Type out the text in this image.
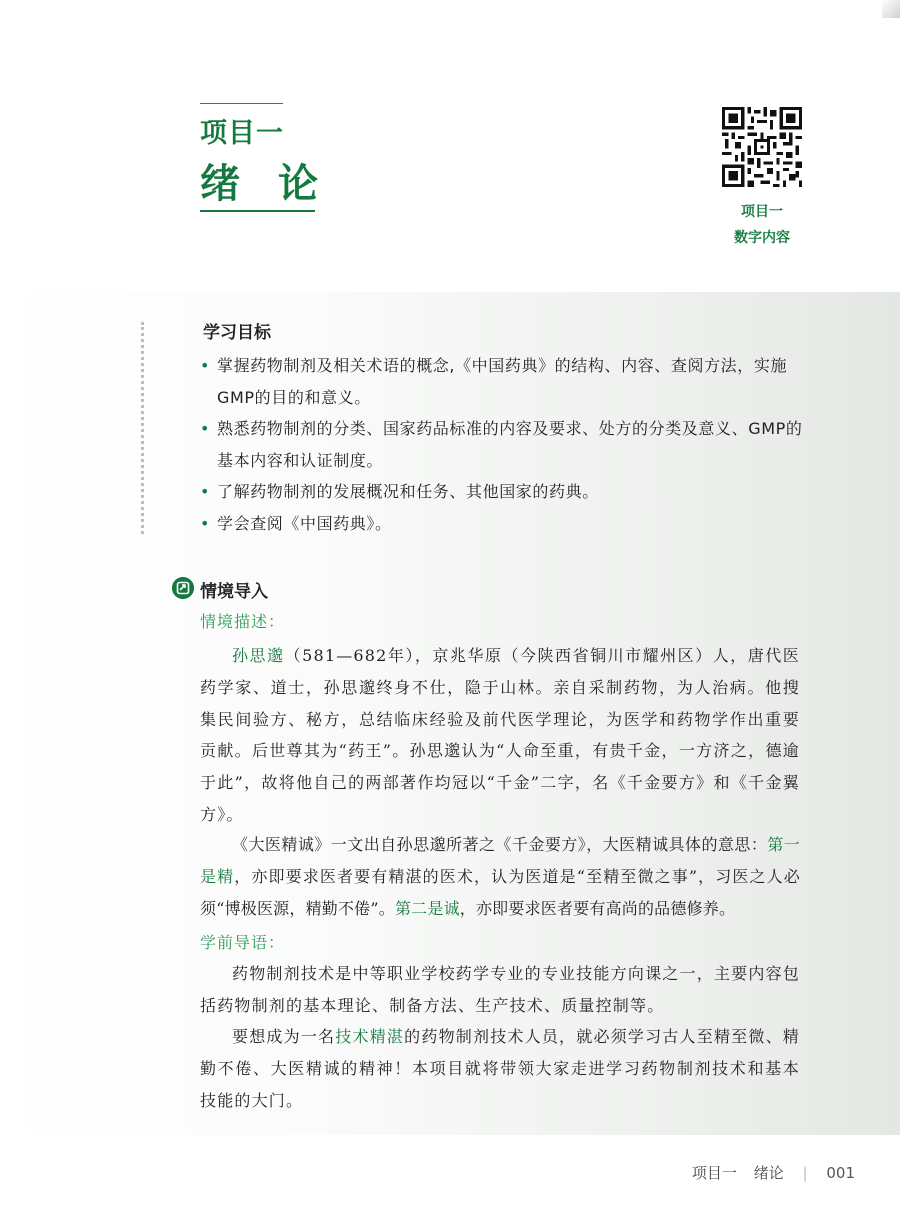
项目一
绪论
项目一
数字内容
学习目标
• 掌握药物制剂及相关术语的概念,《中国药典》的结构、内容、查阅方法，实施GMP的目的和意义。
• 熟悉药物制剂的分类、国家药品标准的内容及要求、处方的分类及意义、GMP的基本内容和认证制度。
• 了解药物制剂的发展概况和任务、其他国家的药典。
• 学会查阅《中国药典》。
情境导入
情境描述：

孙思邈（581—682年），京兆华原（今陕西省铜川市耀州区）人，唐代医药学家、道士，孙思邈终身不仕，隐于山林。亲自采制药物，为人治病。他搜集民间验方、秘方，总结临床经验及前代医学理论，为医学和药物学作出重要贡献。后世尊其为“药王”。孙思邈认为“人命至重，有贵千金，一方济之，德逾于此”，故将他自己的两部著作均冠以“千金”二字，名《千金要方》和《千金翼方》。

《大医精诚》一文出自孙思邈所著之《千金要方》，大医精诚具体的意思：第一是精，亦即要求医者要有精湛的医术，认为医道是“至精至微之事”，习医之人必须“博极医源，精勤不倦”。第二是诚，亦即要求医者要有高尚的品德修养。

学前导语：

药物制剂技术是中等职业学校药学专业的专业技能方向课之一，主要内容包括药物制剂的基本理论、制备方法、生产技术、质量控制等。

要想成为一名技术精湛的药物制剂技术人员，就必须学习古人至精至微、精勤不倦、大医精诚的精神！本项目就将带领大家走进学习药物制剂技术和基本技能的大门。

项目一 绪论 | 001
